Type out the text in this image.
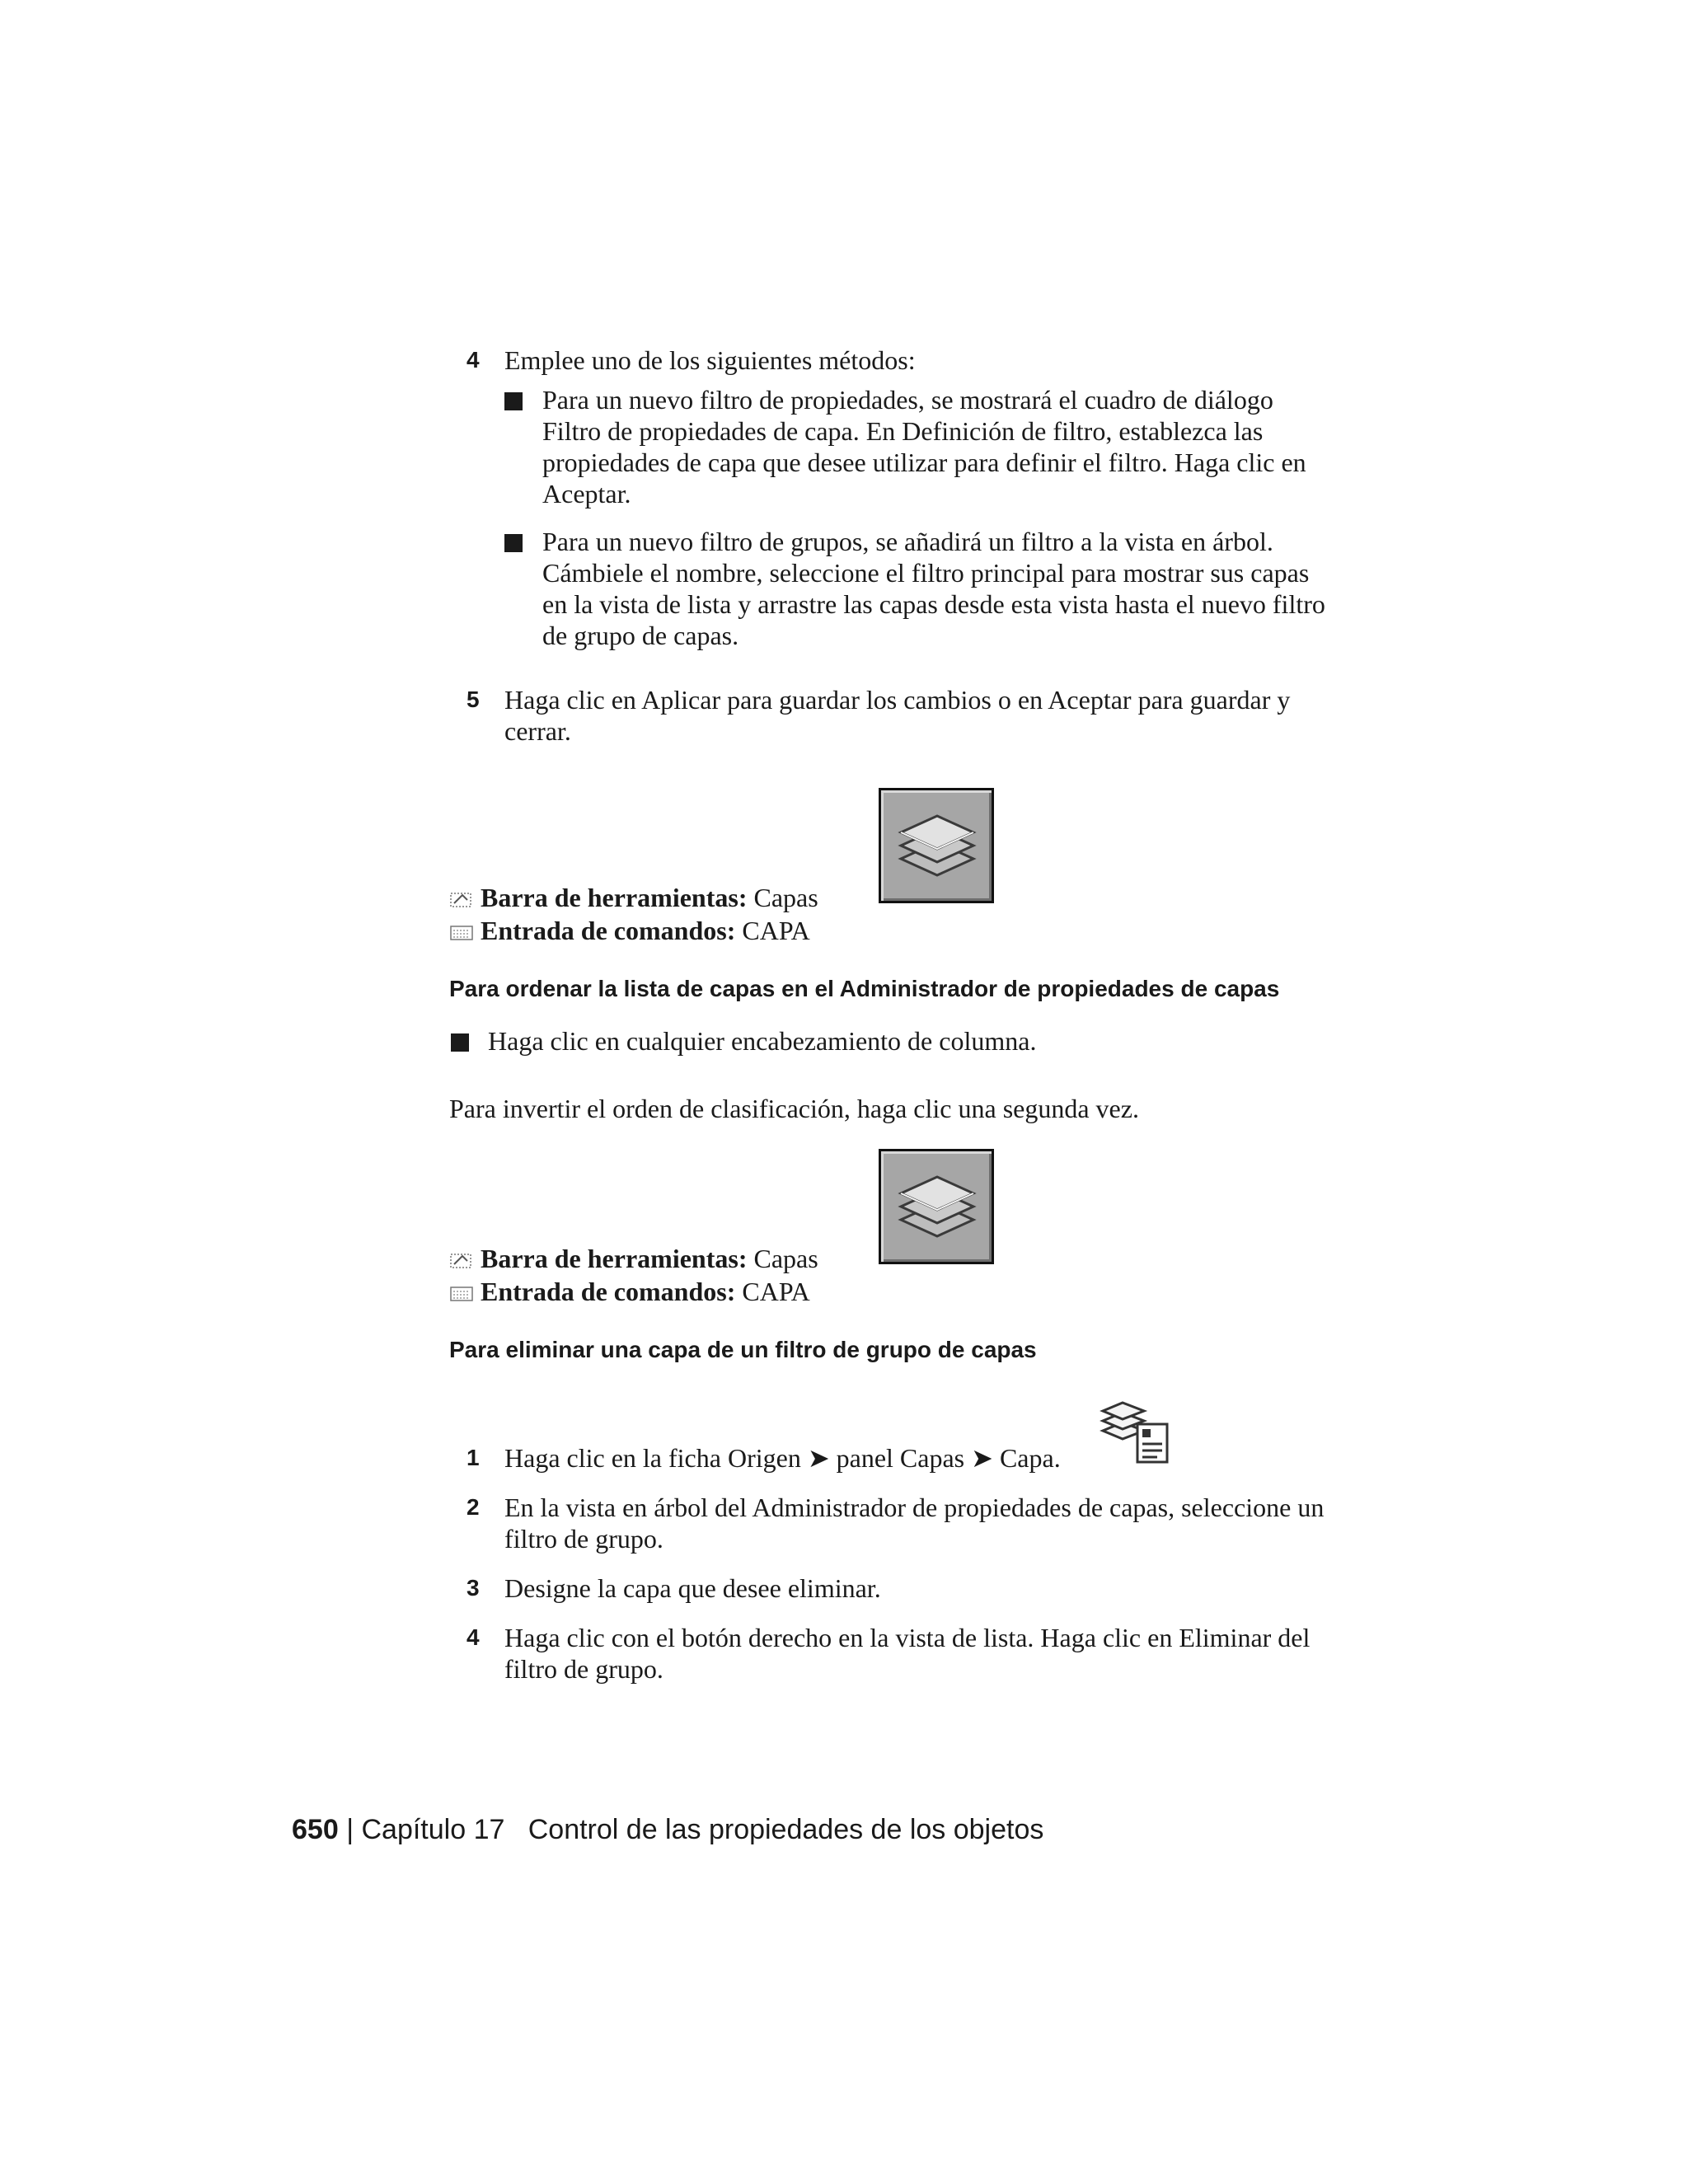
4 Emplee uno de los siguientes métodos:
Para un nuevo filtro de propiedades, se mostrará el cuadro de diálogo Filtro de propiedades de capa. En Definición de filtro, establezca las propiedades de capa que desee utilizar para definir el filtro. Haga clic en Aceptar.
Para un nuevo filtro de grupos, se añadirá un filtro a la vista en árbol. Cámbiele el nombre, seleccione el filtro principal para mostrar sus capas en la vista de lista y arrastre las capas desde esta vista hasta el nuevo filtro de grupo de capas.
5 Haga clic en Aplicar para guardar los cambios o en Aceptar para guardar y cerrar.
Barra de herramientas: Capas
Entrada de comandos: CAPA
Para ordenar la lista de capas en el Administrador de propiedades de capas
Haga clic en cualquier encabezamiento de columna.
Para invertir el orden de clasificación, haga clic una segunda vez.
Barra de herramientas: Capas
Entrada de comandos: CAPA
Para eliminar una capa de un filtro de grupo de capas
1 Haga clic en la ficha Origen ➤ panel Capas ➤ Capa.
2 En la vista en árbol del Administrador de propiedades de capas, seleccione un filtro de grupo.
3 Designe la capa que desee eliminar.
4 Haga clic con el botón derecho en la vista de lista. Haga clic en Eliminar del filtro de grupo.
650 | Capítulo 17 Control de las propiedades de los objetos
